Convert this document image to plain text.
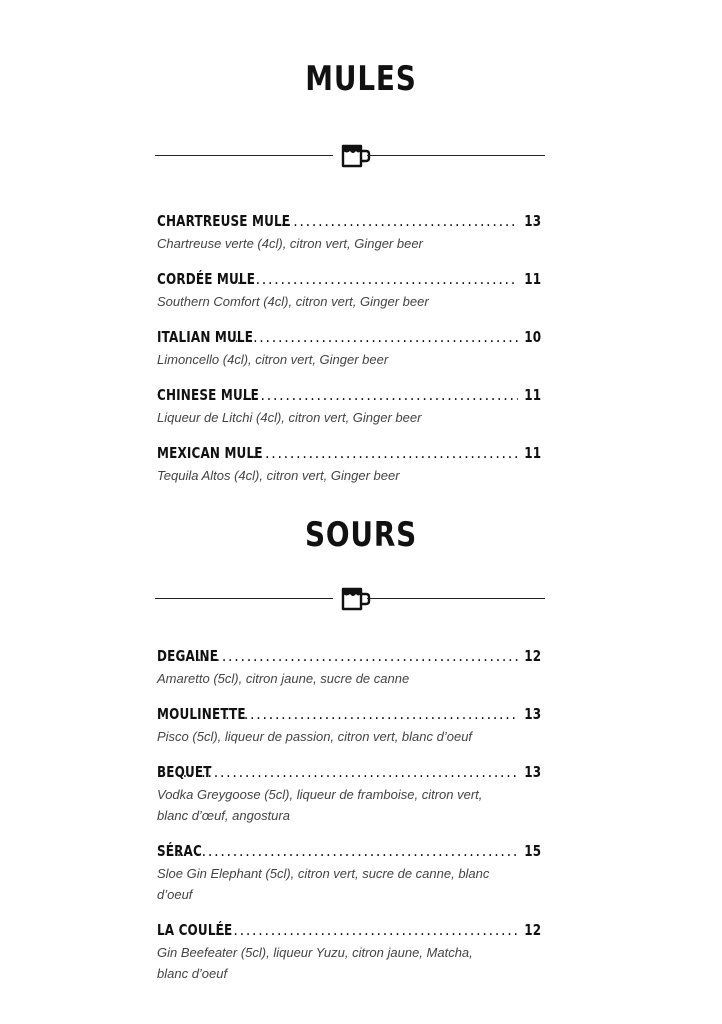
MULES
CHARTREUSE MULE .....	13
Chartreuse verte (4cl), citron vert, Ginger beer
CORDÉE MULE .....	11
Southern Comfort (4cl), citron vert, Ginger beer
ITALIAN MULE .....	10
Limoncello (4cl), citron vert, Ginger beer
CHINESE MULE .....	11
Liqueur de Litchi (4cl), citron vert, Ginger beer
MEXICAN MULE .....	11
Tequila Altos (4cl), citron vert, Ginger beer
SOURS
DEGAINE .....	12
Amaretto (5cl), citron jaune, sucre de canne
MOULINETTE .....	13
Pisco (5cl), liqueur de passion, citron vert, blanc d’oeuf
BEQUET .....	13
Vodka Greygoose (5cl), liqueur de framboise, citron vert, blanc d’œuf, angostura
SÉRAC .....	15
Sloe Gin Elephant (5cl), citron vert, sucre de canne, blanc d’oeuf
LA COULÉE .....	12
Gin Beefeater (5cl), liqueur Yuzu, citron jaune, Matcha, blanc d’oeuf
